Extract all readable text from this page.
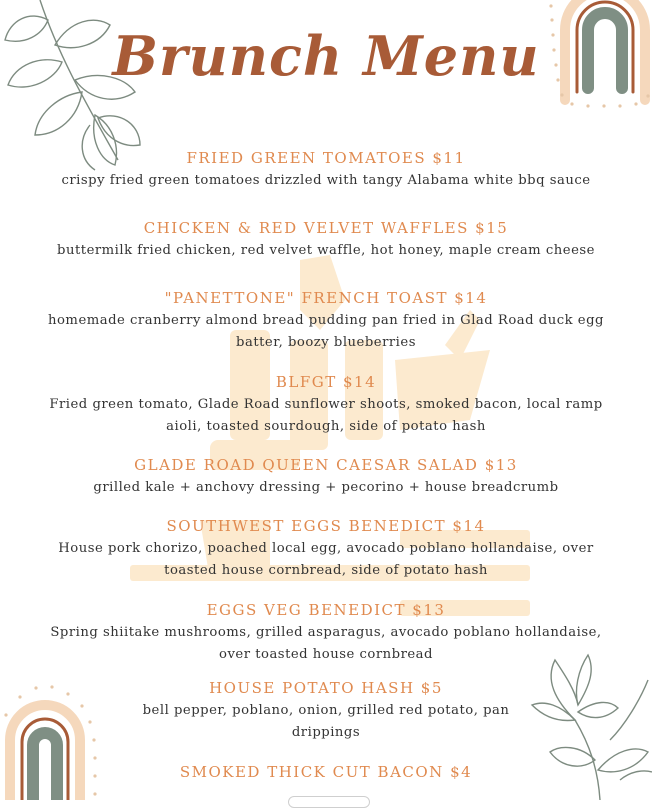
Brunch Menu
FRIED GREEN TOMATOES $11
crispy fried green tomatoes drizzled with tangy Alabama white bbq sauce
CHICKEN & RED VELVET WAFFLES $15
buttermilk fried chicken, red velvet waffle, hot honey, maple cream cheese
"PANETTONE" FRENCH TOAST $14
homemade cranberry almond bread pudding pan fried in Glad Road duck egg batter, boozy blueberries
BLFGT $14
Fried green tomato, Glade Road sunflower shoots, smoked bacon, local ramp aioli, toasted sourdough, side of potato hash
GLADE ROAD QUEEN CAESAR SALAD $13
grilled kale + anchovy dressing + pecorino + house breadcrumb
SOUTHWEST EGGS BENEDICT $14
House pork chorizo, poached local egg, avocado poblano hollandaise, over toasted house cornbread, side of potato hash
EGGS VEG BENEDICT $13
Spring shiitake mushrooms, grilled asparagus, avocado poblano hollandaise, over toasted house cornbread
HOUSE POTATO HASH $5
bell pepper, poblano, onion, grilled red potato, pan drippings
SMOKED THICK CUT BACON $4
